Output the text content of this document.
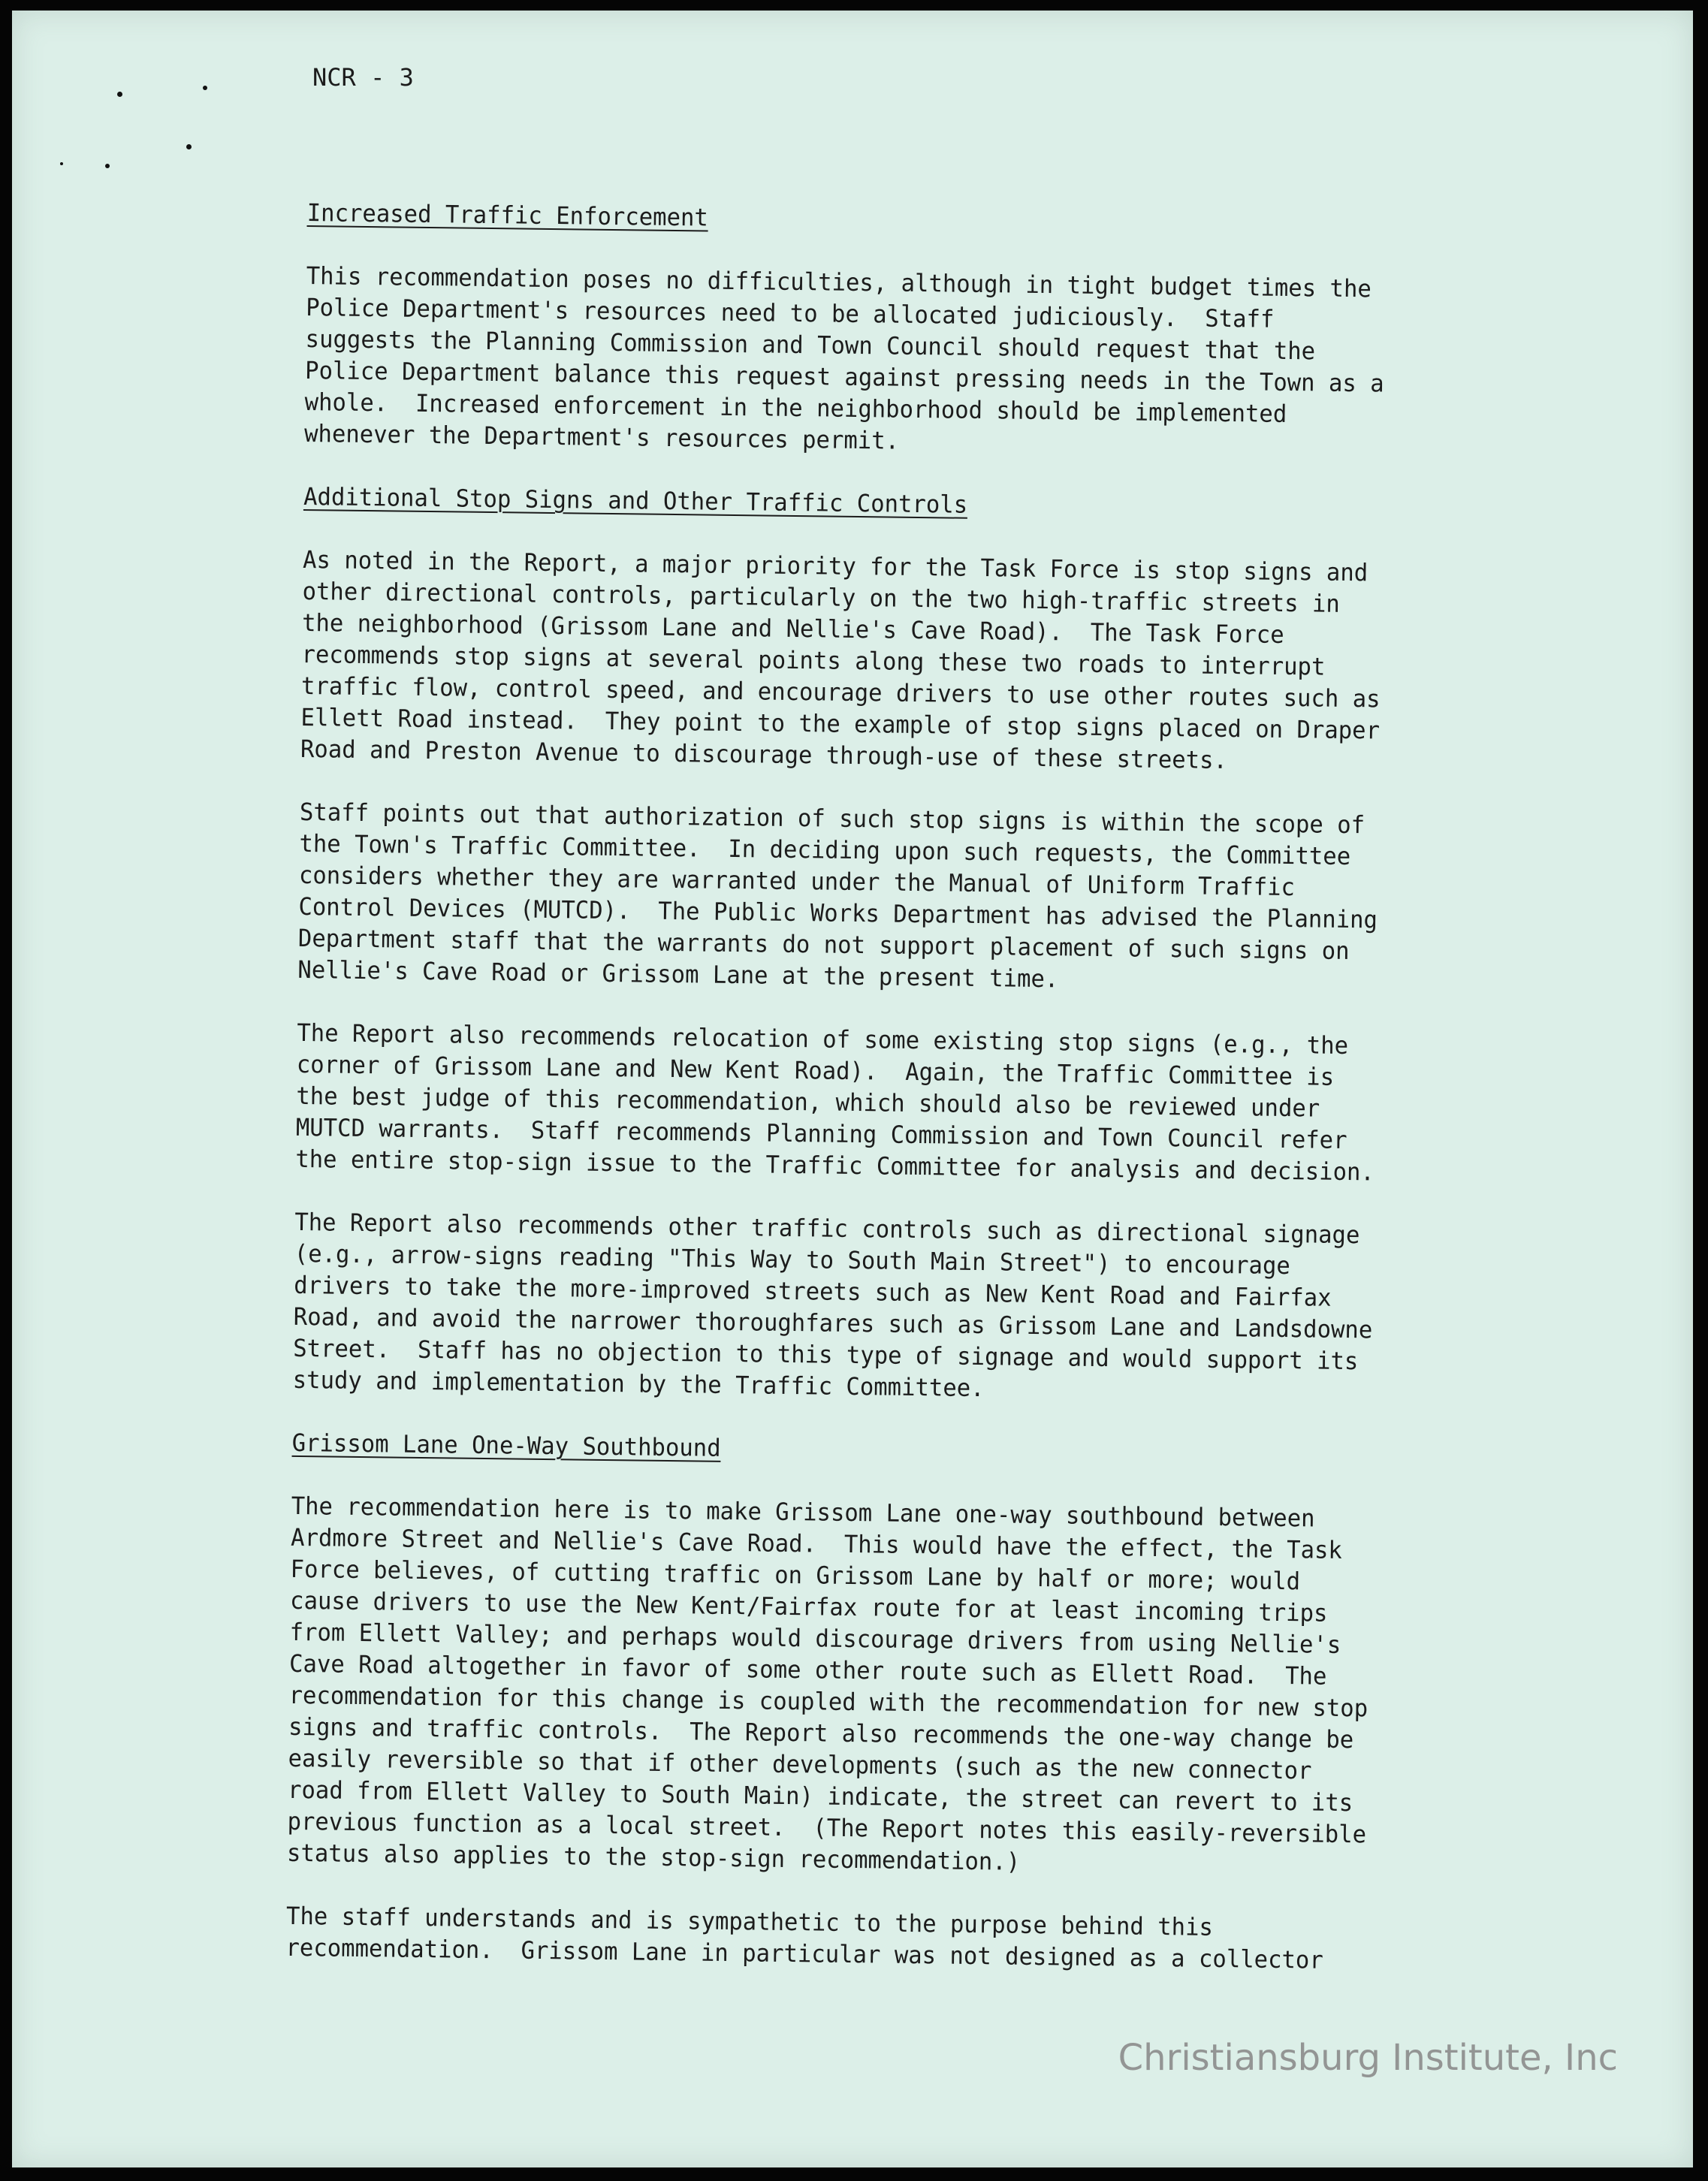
NCR - 3
Increased Traffic Enforcement
This recommendation poses no difficulties, although in tight budget times the
Police Department's resources need to be allocated judiciously.  Staff
suggests the Planning Commission and Town Council should request that the
Police Department balance this request against pressing needs in the Town as a
whole.  Increased enforcement in the neighborhood should be implemented
whenever the Department's resources permit.
Additional Stop Signs and Other Traffic Controls
As noted in the Report, a major priority for the Task Force is stop signs and
other directional controls, particularly on the two high-traffic streets in
the neighborhood (Grissom Lane and Nellie's Cave Road).  The Task Force
recommends stop signs at several points along these two roads to interrupt
traffic flow, control speed, and encourage drivers to use other routes such as
Ellett Road instead.  They point to the example of stop signs placed on Draper
Road and Preston Avenue to discourage through-use of these streets.
Staff points out that authorization of such stop signs is within the scope of
the Town's Traffic Committee.  In deciding upon such requests, the Committee
considers whether they are warranted under the Manual of Uniform Traffic
Control Devices (MUTCD).  The Public Works Department has advised the Planning
Department staff that the warrants do not support placement of such signs on
Nellie's Cave Road or Grissom Lane at the present time.
The Report also recommends relocation of some existing stop signs (e.g., the
corner of Grissom Lane and New Kent Road).  Again, the Traffic Committee is
the best judge of this recommendation, which should also be reviewed under
MUTCD warrants.  Staff recommends Planning Commission and Town Council refer
the entire stop-sign issue to the Traffic Committee for analysis and decision.
The Report also recommends other traffic controls such as directional signage
(e.g., arrow-signs reading "This Way to South Main Street") to encourage
drivers to take the more-improved streets such as New Kent Road and Fairfax
Road, and avoid the narrower thoroughfares such as Grissom Lane and Landsdowne
Street.  Staff has no objection to this type of signage and would support its
study and implementation by the Traffic Committee.
Grissom Lane One-Way Southbound
The recommendation here is to make Grissom Lane one-way southbound between
Ardmore Street and Nellie's Cave Road.  This would have the effect, the Task
Force believes, of cutting traffic on Grissom Lane by half or more; would
cause drivers to use the New Kent/Fairfax route for at least incoming trips
from Ellett Valley; and perhaps would discourage drivers from using Nellie's
Cave Road altogether in favor of some other route such as Ellett Road.  The
recommendation for this change is coupled with the recommendation for new stop
signs and traffic controls.  The Report also recommends the one-way change be
easily reversible so that if other developments (such as the new connector
road from Ellett Valley to South Main) indicate, the street can revert to its
previous function as a local street.  (The Report notes this easily-reversible
status also applies to the stop-sign recommendation.)
The staff understands and is sympathetic to the purpose behind this
recommendation.  Grissom Lane in particular was not designed as a collector
Christiansburg Institute, Inc
